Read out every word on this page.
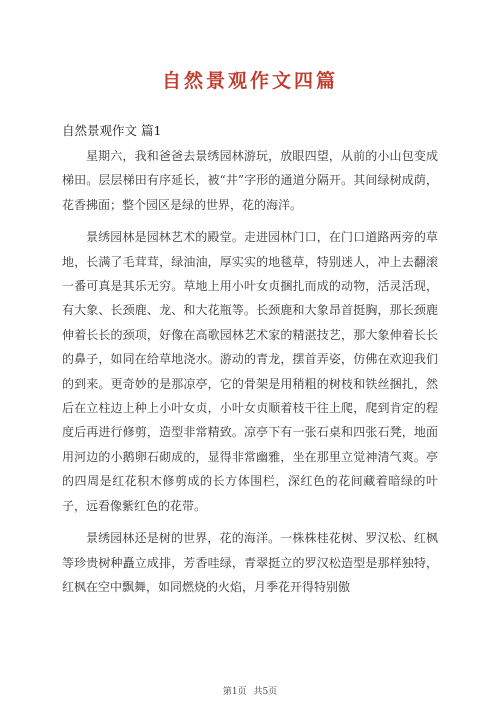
自然景观作文四篇
自然景观作文 篇1

星期六，我和爸爸去景绣园林游玩，放眼四望，从前的小山包变成梯田。层层梯田有序延长，被“井”字形的通道分隔开。其间绿树成荫，花香拂面；整个园区是绿的世界，花的海洋。

景绣园林是园林艺术的殿堂。走进园林门口，在门口道路两旁的草地，长满了毛茸茸，绿油油，厚实实的地毯草，特别迷人，冲上去翻滚一番可真是其乐无穷。草地上用小叶女贞捆扎而成的动物，活灵活现，有大象、长颈鹿、龙、和大花瓶等。长颈鹿和大象昂首挺胸，那长颈鹿伸着长长的颈项，好像在高歌园林艺术家的精湛技艺，那大象伸着长长的鼻子，如同在给草地浇水。游动的青龙，摆首弄姿，仿佛在欢迎我们的到来。更奇妙的是那凉亭，它的骨架是用稍粗的树枝和铁丝捆扎，然后在立柱边上种上小叶女贞，小叶女贞顺着枝干往上爬，爬到肯定的程度后再进行修剪，造型非常精致。凉亭下有一张石桌和四张石凳，地面用河边的小鹅卵石砌成的，显得非常幽雅，坐在那里立觉神清气爽。亭的四周是红花积木修剪成的长方体围栏，深红色的花间藏着暗绿的叶子，远看像紫红色的花带。

景绣园林还是树的世界，花的海洋。一株株桂花树、罗汉松、红枫等珍贵树种矗立成排，芳香哇绿，青翠挺立的罗汉松造型是那样独特，红枫在空中飘舞，如同燃烧的火焰，月季花开得特别傲

第1页 共5页
